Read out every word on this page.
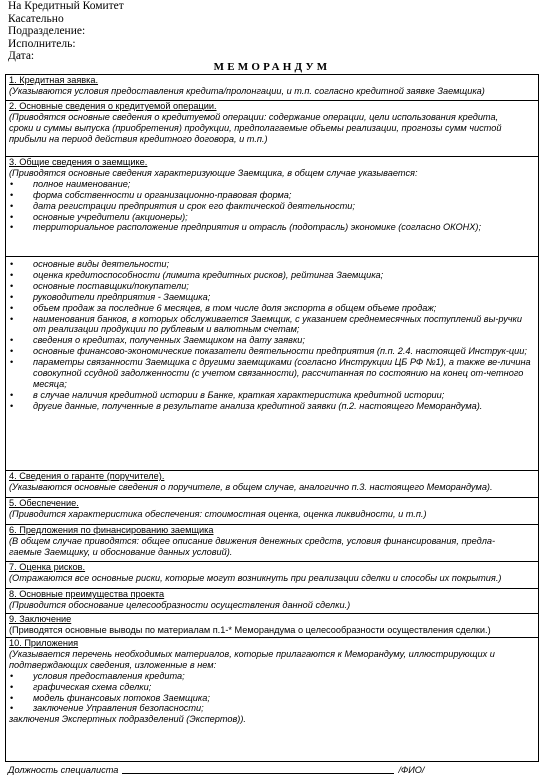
На Кредитный Комитет
Касательно
Подразделение:
Исполнитель:
Дата:
МЕМОРАНДУМ
1. Кредитная заявка.
(Указываются условия предоставления кредита/пролонгации, и т.п. согласно кредитной заявке Заемщика)
2. Основные сведения о кредитуемой операции.
(Приводятся основные сведения о кредитуемой операции: содержание операции, цели использования кредита,
сроки и суммы выпуска (приобретения) продукции, предполагаемые объемы реализации, прогнозы сумм чистой
прибыли на период действия кредитного договора, и т.п.)
3. Общие сведения о заемщике.
(Приводятся основные сведения характеризующие Заемщика, в общем случае указывается:
• полное наименование;
• форма собственности и организационно-правовая форма;
• дата регистрации предприятия и срок его фактической деятельности;
• основные учредители (акционеры);
• территориальное расположение предприятия и отрасль (подотрасль) экономике (согласно ОКОНХ);
• основные виды деятельности;
• оценка кредитоспособности (лимита кредитных рисков), рейтинга Заемщика;
• основные поставщики/покупатели;
• руководители предприятия - Заемщика;
• объем продаж за последние 6 месяцев, в том числе доля экспорта в общем объеме продаж;
• наименования банков, в которых обслуживается Заемщик, с указанием среднемесячных поступлений вы-ручки от реализации продукции по рублевым и валютным счетам;
• сведения о кредитах, полученных Заемщиком на дату заявки;
• основные финансово-экономические показатели деятельности предприятия (п.п. 2.4. настоящей Инструк-ции;
• параметры связанности Заемщика с другими заемщиками (согласно Инструкции ЦБ РФ №1), а также ве-личина совокупной ссудной задолженности (с учетом связанности), рассчитанная по состоянию на конец от-четного месяца;
• в случае наличия кредитной истории в Банке, краткая характеристика кредитной истории;
• другие данные, полученные в результате анализа кредитной заявки (п.2. настоящего Меморандума).
4. Сведения о гаранте (поручителе).
(Указываются основные сведения о поручителе, в общем случае, аналогично п.3. настоящего Меморандума).
5. Обеспечение.
(Приводится характеристика обеспечения: стоимостная оценка, оценка ликвидности, и т.п.)
6. Предложения по финансированию заемщика
(В общем случае приводятся: общее описание движения денежных средств, условия финансирования, предла-
гаемые Заемщику, и обоснование данных условий).
7. Оценка рисков.
(Отражаются все основные риски, которые могут возникнуть при реализации сделки и способы их покрытия.)
8. Основные преимущества проекта
(Приводится обоснование целесообразности осуществления данной сделки.)
9. Заключение
(Приводятся основные выводы по материалам п.1-* Меморандума о целесообразности осуществления сделки.)
10. Приложения
(Указывается перечень необходимых материалов, которые прилагаются к Меморандуму, иллюстрирующих и
подтверждающих сведения, изложенные в нем:
• условия предоставления кредита;
• графическая схема сделки;
• модель финансовых потоков Заемщика;
• заключение Управления безопасности;
заключения Экспертных подразделений (Экспертов)).
Должность специалиста	/ФИО/
